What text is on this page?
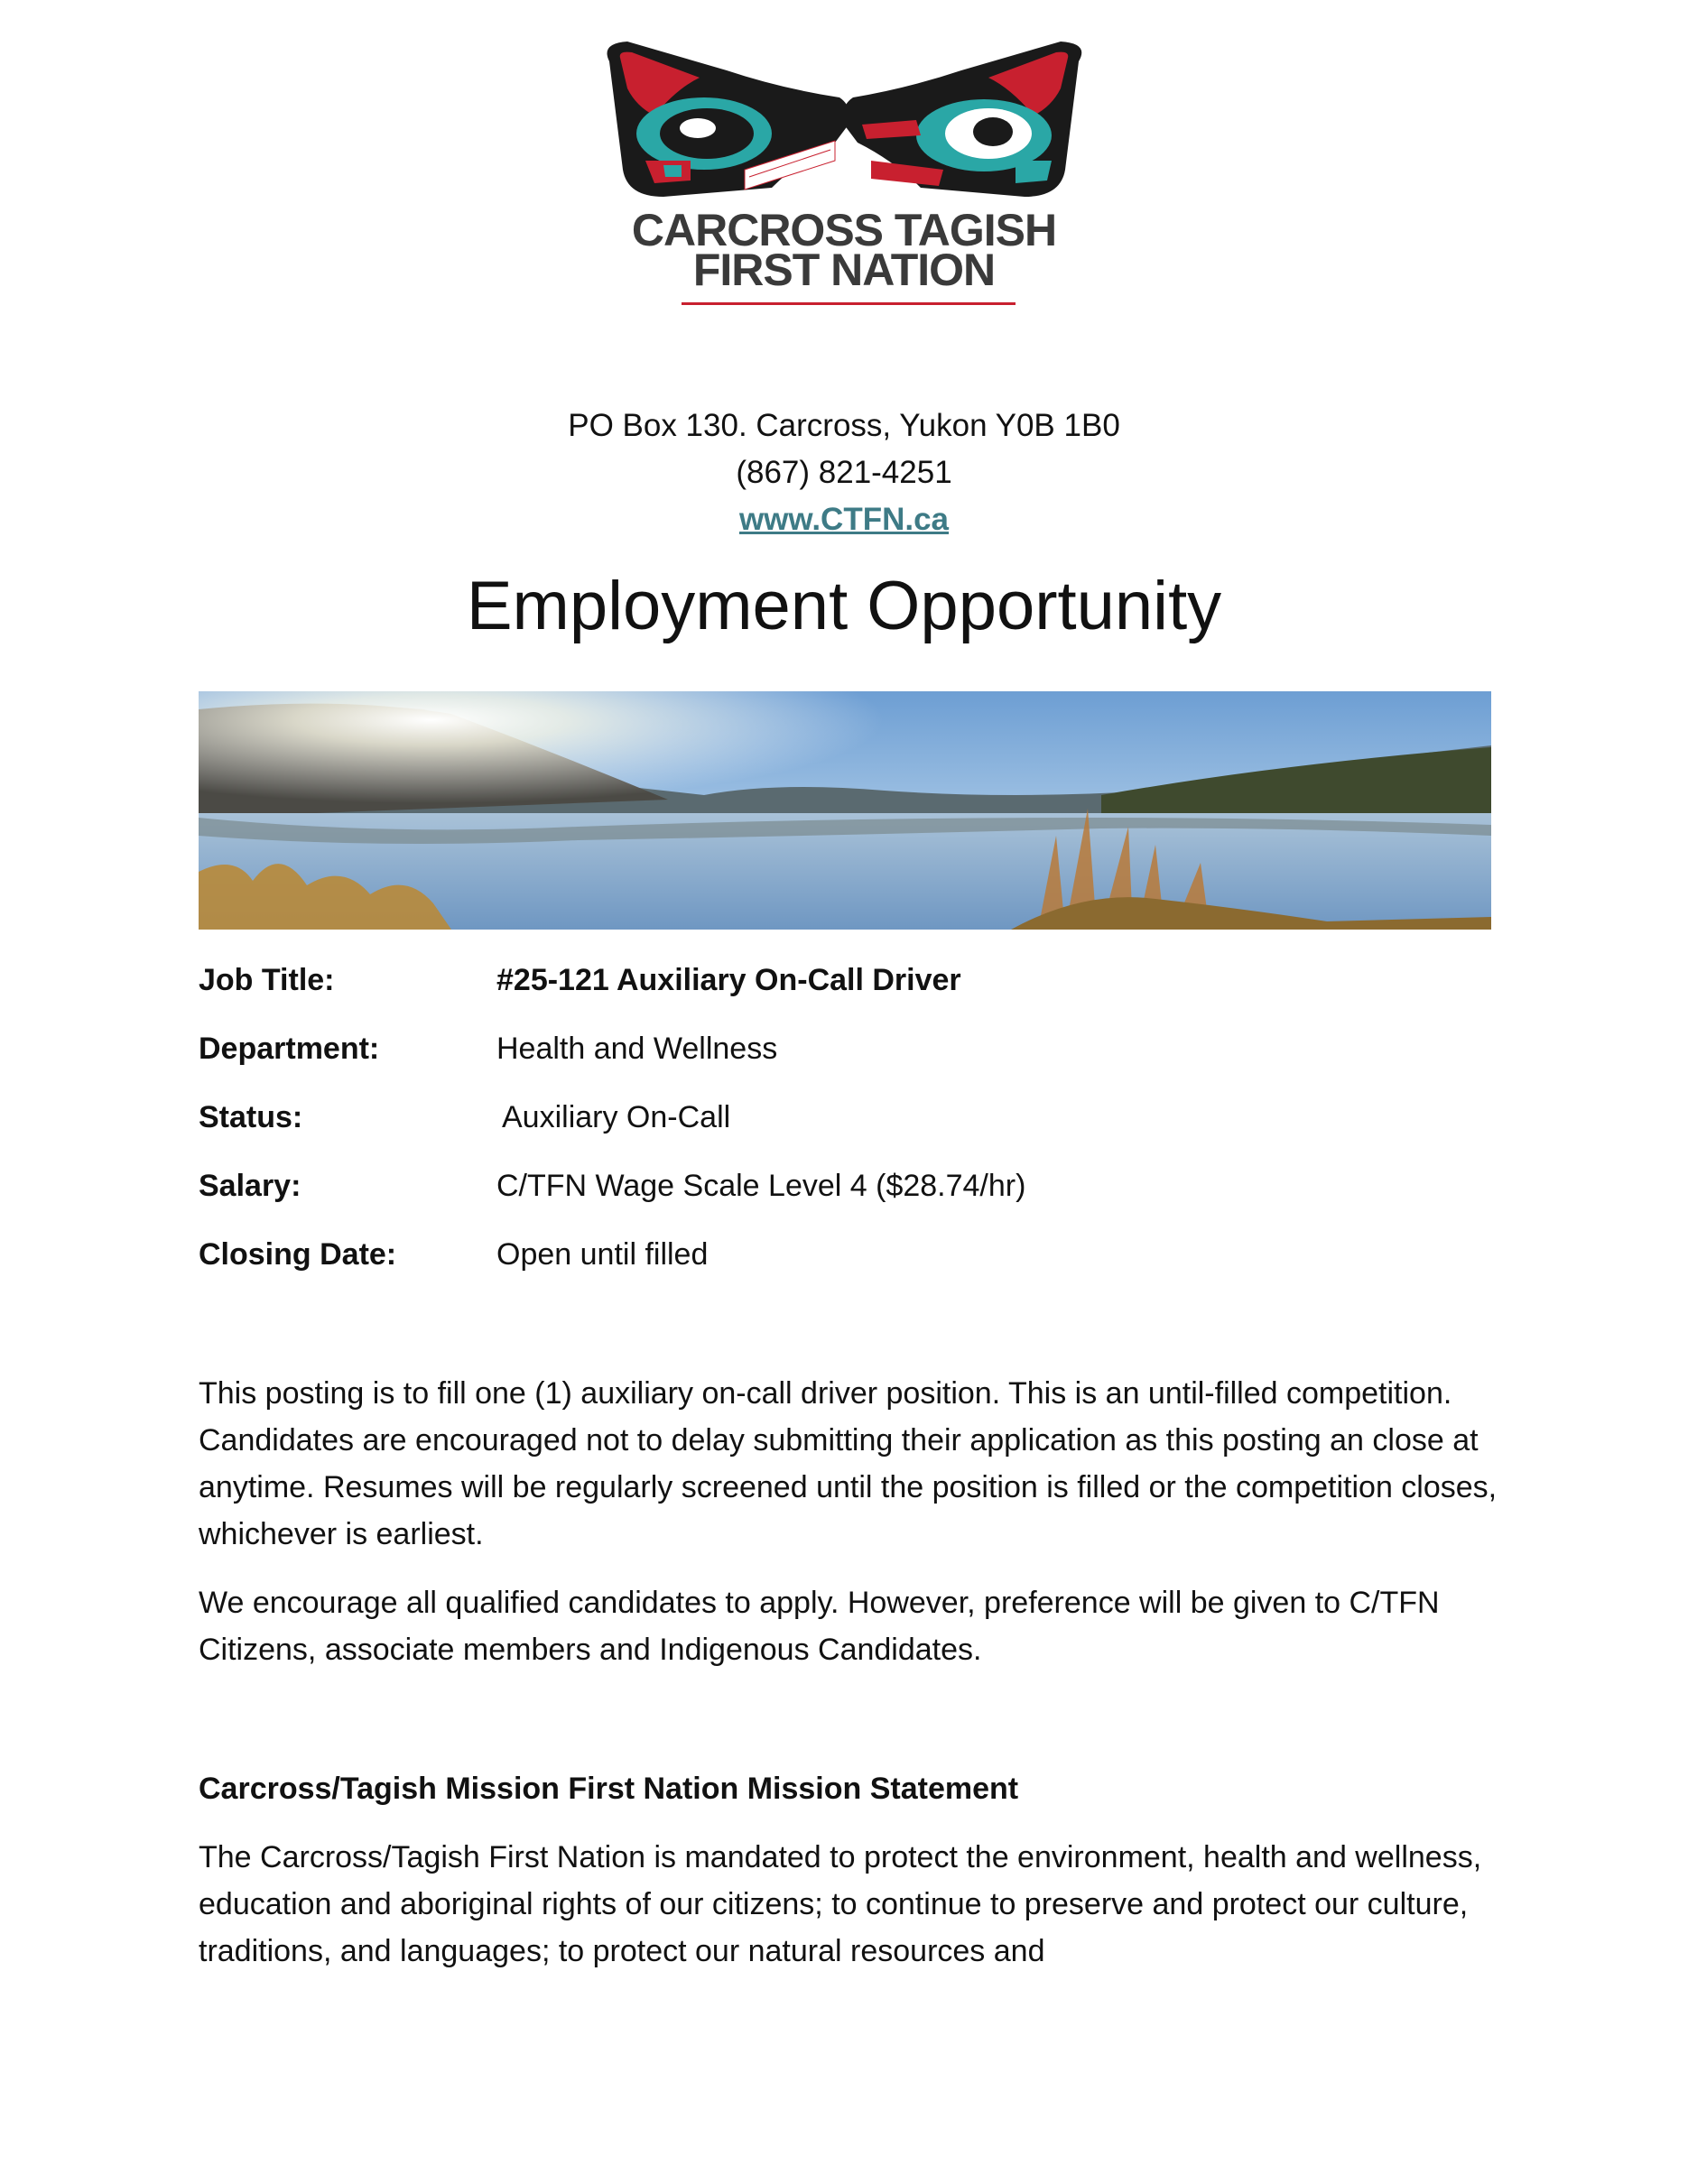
CARCROSS TAGISH
FIRST NATION
PO Box 130. Carcross, Yukon Y0B 1B0
(867) 821-4251
www.CTFN.ca
Employment Opportunity
Job Title:	#25-121 Auxiliary On-Call Driver
Department:	Health and Wellness
Status:	Auxiliary On-Call
Salary:	C/TFN Wage Scale Level 4 ($28.74/hr)
Closing Date:	Open until filled

This posting is to fill one (1) auxiliary on-call driver position. This is an until-filled competition. Candidates are encouraged not to delay submitting their application as this posting an close at anytime. Resumes will be regularly screened until the position is filled or the competition closes, whichever is earliest.

We encourage all qualified candidates to apply. However, preference will be given to C/TFN Citizens, associate members and Indigenous Candidates.

Carcross/Tagish Mission First Nation Mission Statement

The Carcross/Tagish First Nation is mandated to protect the environment, health and wellness, education and aboriginal rights of our citizens; to continue to preserve and protect our culture, traditions, and languages; to protect our natural resources and
